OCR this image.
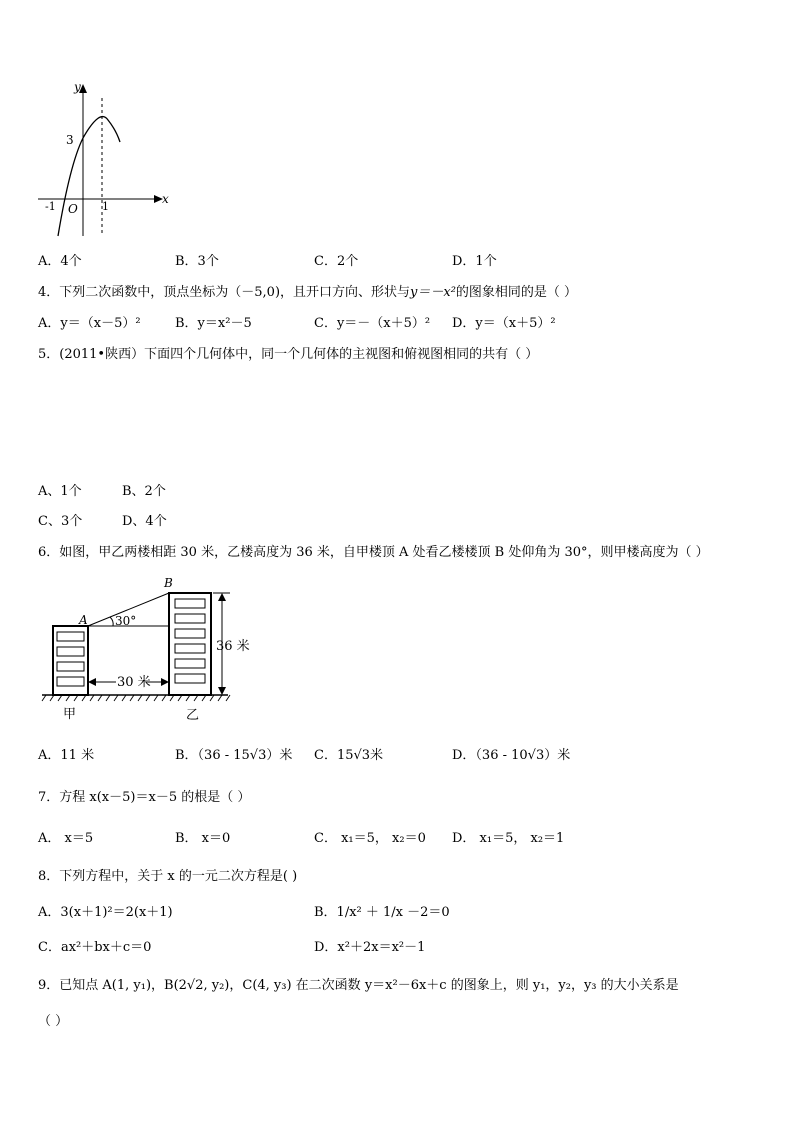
y
x
3
-1 O 1
A．4个	B．3个	C．2个	D．1个
4．下列二次函数中，顶点坐标为（－5,0)，且开口方向、形状与y＝－x²的图象相同的是（ ）
A．y＝（x－5）²	B．y＝x²－5	C．y＝－（x＋5）² D．y＝（x＋5）²
5．(2011•陕西）下面四个几何体中，同一个几何体的主视图和俯视图相同的共有（ ）
A、1个	B、2个
C、3个	D、4个
6．如图，甲乙两楼相距 30 米，乙楼高度为 36 米，自甲楼顶 A 处看乙楼楼顶 B 处仰角为 30°，则甲楼高度为（ ）
B
A 30°
36 米
30 米
甲	乙
A．11 米	B．（36 - 15√3）米 C．15√3米	D．（36 - 10√3）米
7．方程 x(x－5)＝x－5 的根是（ ）
A． x＝5	B． x＝0	C． x₁＝5， x₂＝0 D． x₁＝5， x₂＝1
8．下列方程中，关于 x 的一元二次方程是( )
A．3(x＋1)²＝2(x＋1)	B．1/x² ＋ 1/x －2＝0
C．ax²＋bx＋c＝0	D．x²＋2x＝x²－1
9．已知点 A(1, y₁)，B(2√2, y₂)，C(4, y₃) 在二次函数 y＝x²－6x＋c 的图象上，则 y₁，y₂，y₃ 的大小关系是
（ ）
